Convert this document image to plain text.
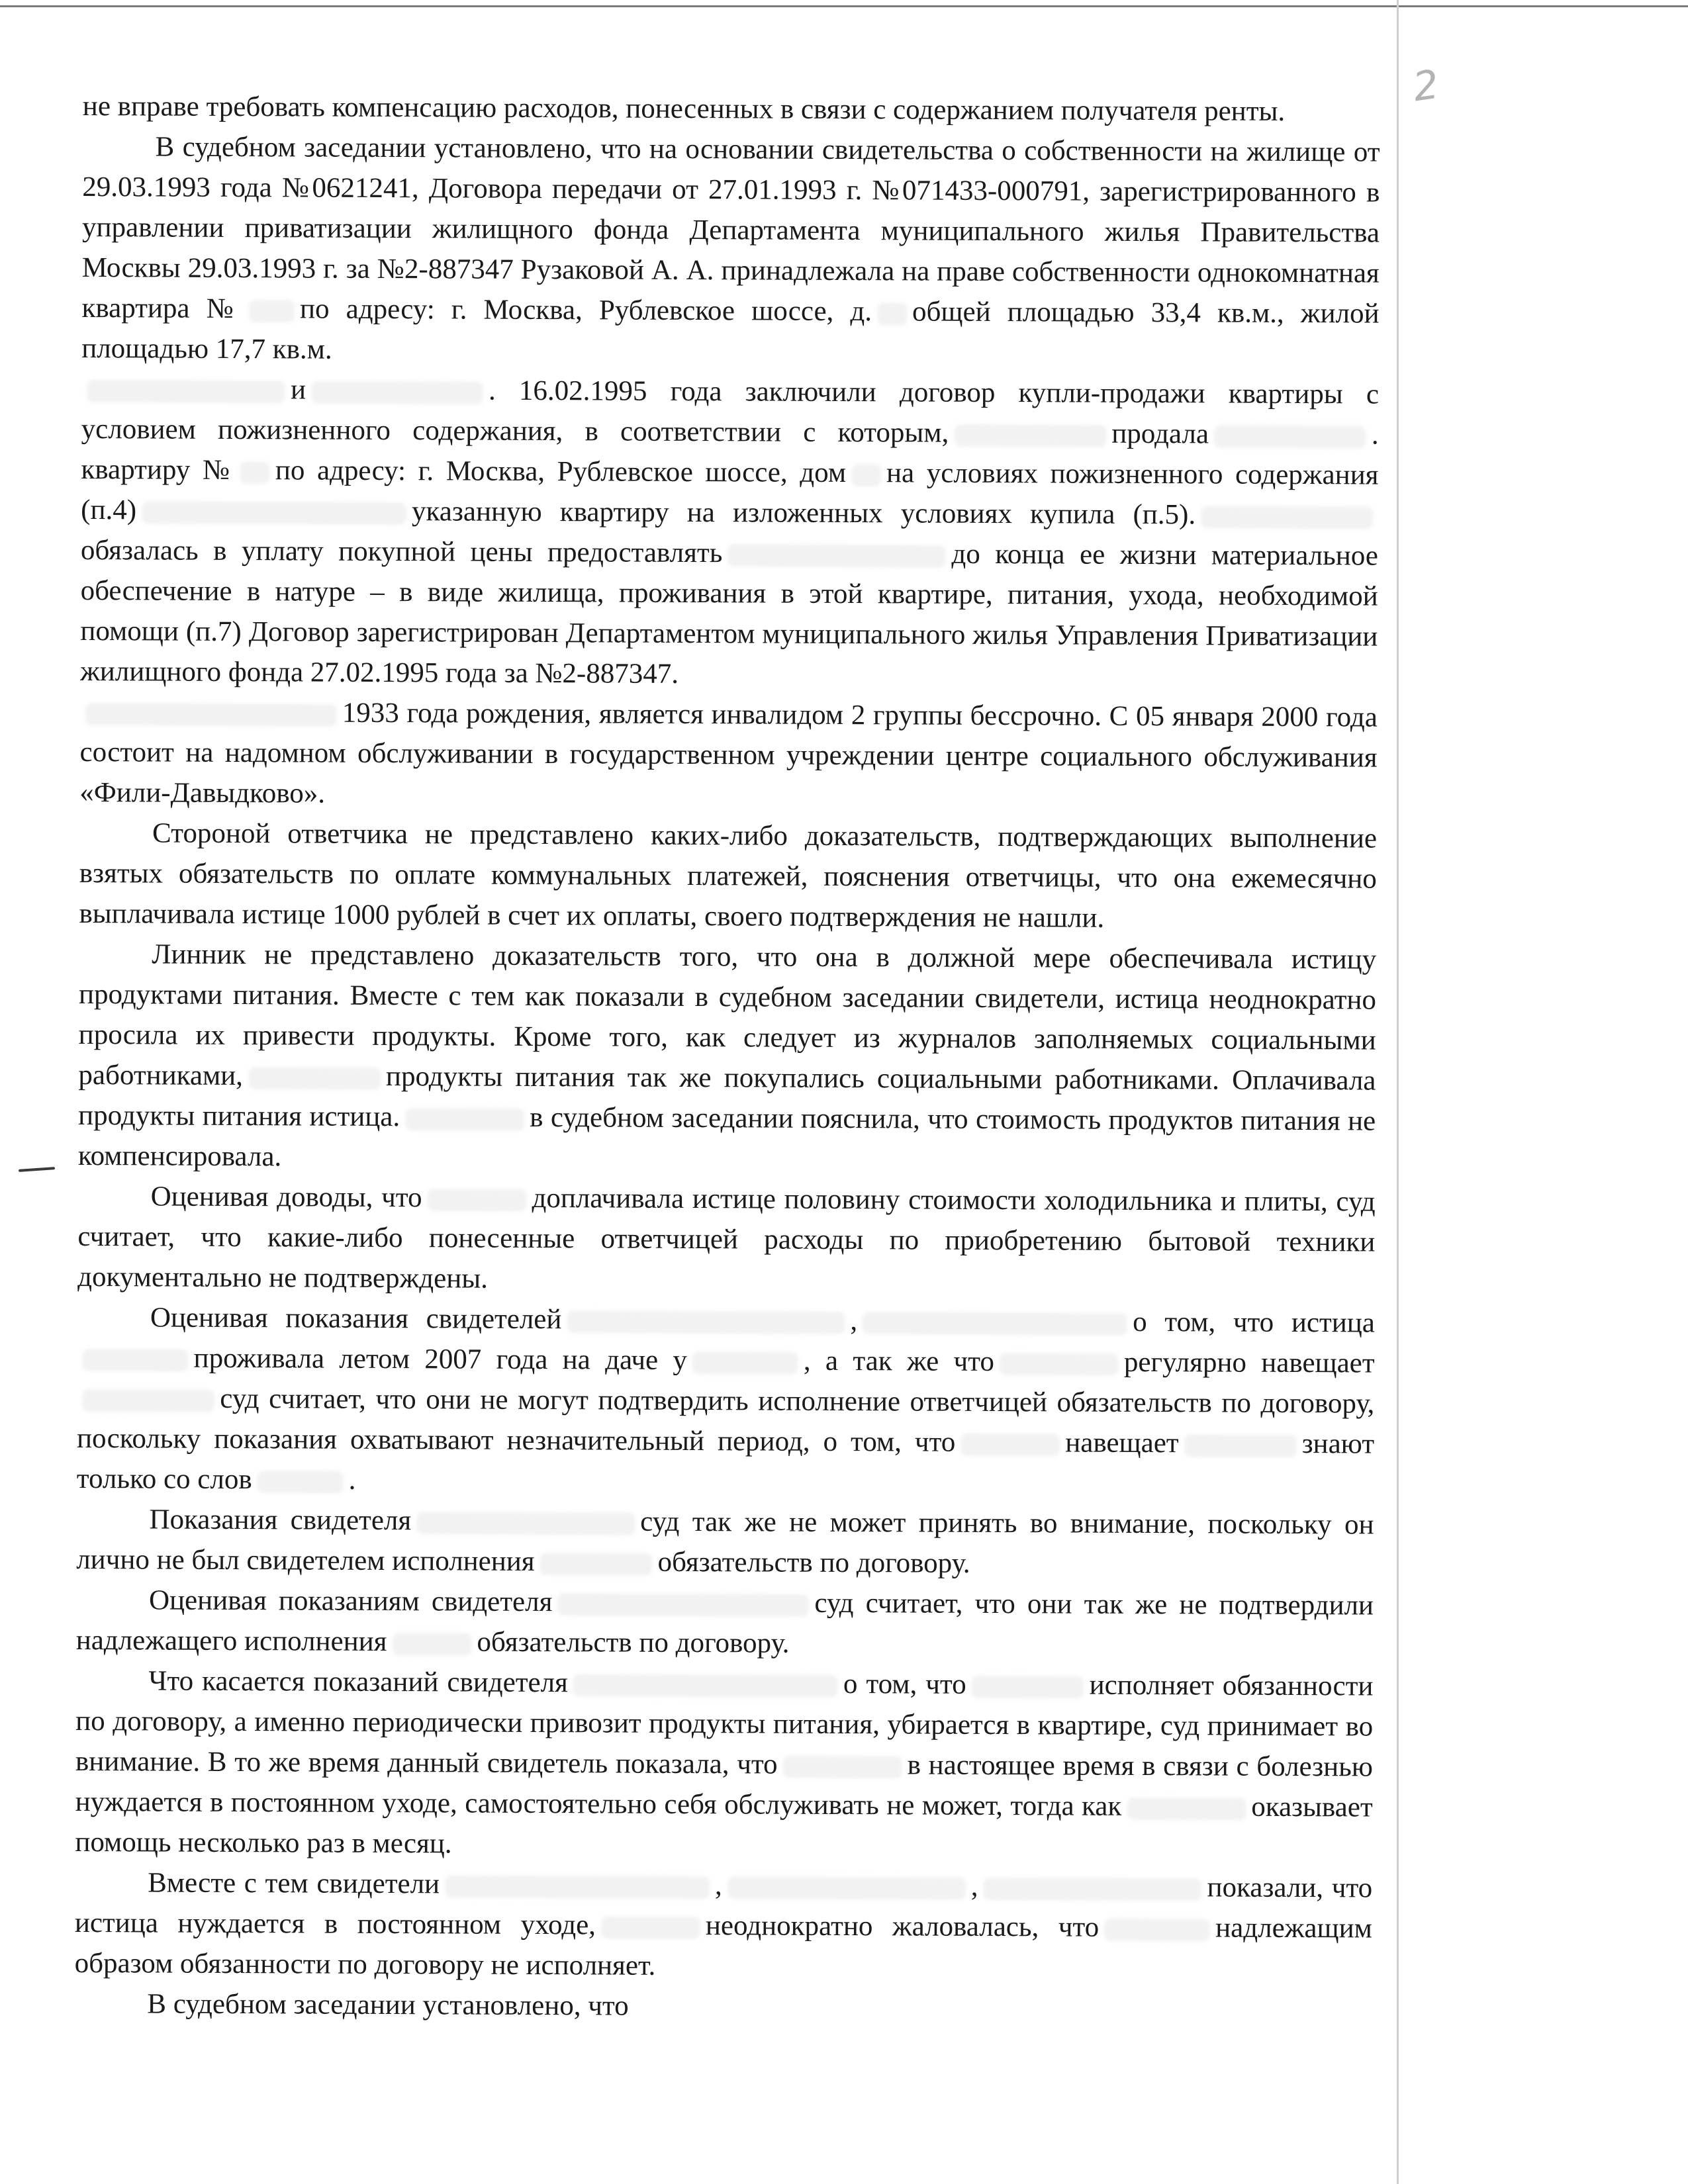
2

не вправе требовать компенсацию расходов, понесенных в связи с содержанием получателя ренты.

В судебном заседании установлено, что на основании свидетельства о собственности на жилище от 29.03.1993 года №0621241, Договора передачи от 27.01.1993 г. №071433-000791, зарегистрированного в управлении приватизации жилищного фонда Департамента муниципального жилья Правительства Москвы 29.03.1993 г. за №2-887347 Рузаковой А. А. принадлежала на праве собственности однокомнатная квартира № по адресу: г. Москва, Рублевское шоссе, д. общей площадью 33,4 кв.м., жилой площадью 17,7 кв.м.

и	. 16.02.1995 года заключили договор купли-продажи квартиры с условием пожизненного содержания, в соответствии с которым,	продала	. квартиру № по адресу: г. Москва, Рублевское шоссе, дом на условиях пожизненного содержания (п.4)	указанную квартиру на изложенных условиях купила (п.5).обязалась в уплату покупной цены предоставлять	до конца ее жизни материальное обеспечение в натуре – в виде жилища, проживания в этой квартире, питания, ухода, необходимой помощи (п.7) Договор зарегистрирован Департаментом муниципального жилья Управления Приватизации жилищного фонда 27.02.1995 года за №2-887347.

1933 года рождения, является инвалидом 2 группы бессрочно. С 05 января 2000 года состоит на надомном обслуживании в государственном учреждении центре социального обслуживания «Фили-Давыдково».

Стороной ответчика не представлено каких-либо доказательств, подтверждающих выполнение взятых обязательств по оплате коммунальных платежей, пояснения ответчицы, что она ежемесячно выплачивала истице 1000 рублей в счет их оплаты, своего подтверждения не нашли.

Линник не представлено доказательств того, что она в должной мере обеспечивала истицу продуктами питания. Вместе с тем как показали в судебном заседании свидетели, истица неоднократно просила их привести продукты. Кроме того, как следует из журналов заполняемых социальными работниками,	продукты питания так же покупались социальными работниками. Оплачивала продукты питания истица.	в судебном заседании пояснила, что стоимость продуктов питания не компенсировала.

Оценивая доводы, что	доплачивала истице половину стоимости холодильника и плиты, суд считает, что какие-либо понесенные ответчицей расходы по приобретению бытовой техники документально не подтверждены.

Оценивая показания свидетелей	,	о том, что истицапроживала летом 2007 года на даче у	, а так же что	регулярно навещаетсуд считает, что они не могут подтвердить исполнение ответчицей обязательств по договору, поскольку показания охватывают незначительный период, о том, что	навещает	знают только со слов	.

Показания свидетеля	суд так же не может принять во внимание, поскольку он лично не был свидетелем исполнения	обязательств по договору.

Оценивая показаниям свидетеля	суд считает, что они так же не подтвердили надлежащего исполнения	обязательств по договору.

Что касается показаний свидетеля	о том, что	исполняет обязанности по договору, а именно периодически привозит продукты питания, убирается в квартире, суд принимает во внимание. В то же время данный свидетель показала, что	в настоящее время в связи с болезнью нуждается в постоянном уходе, самостоятельно себя обслуживать не может, тогда как	оказывает помощь несколько раз в месяц.

Вместе с тем свидетели	,	,	показали, что истица нуждается в постоянном уходе,	неоднократно жаловалась, что	надлежащим образом обязанности по договору не исполняет.

В судебном заседании установлено, что
